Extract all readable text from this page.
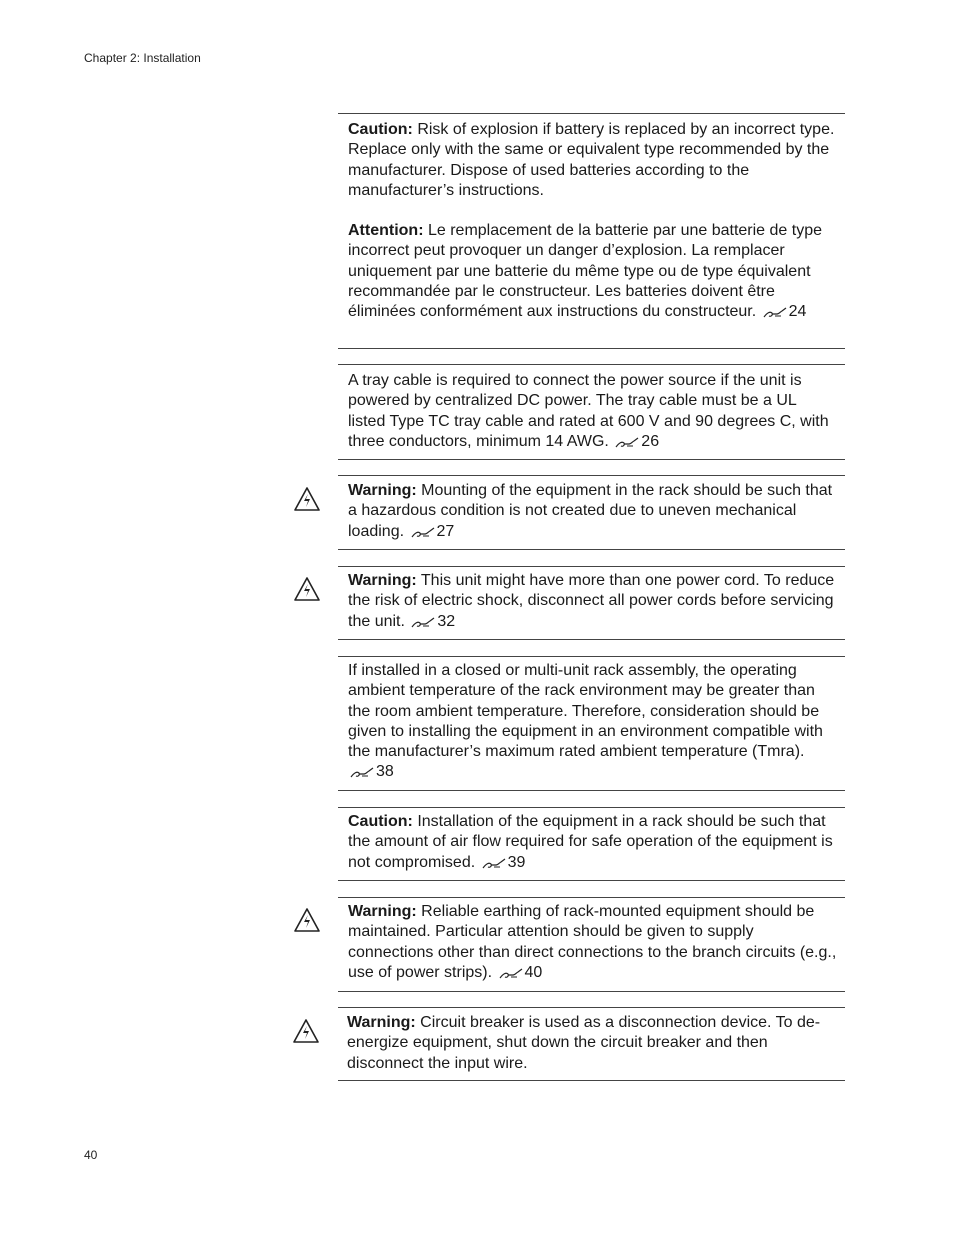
Chapter 2: Installation

Caution: Risk of explosion if battery is replaced by an incorrect type. Replace only with the same or equivalent type recommended by the manufacturer. Dispose of used batteries according to the manufacturer’s instructions.

Attention: Le remplacement de la batterie par une batterie de type incorrect peut provoquer un danger d’explosion. La remplacer uniquement par une batterie du même type ou de type équivalent recommandée par le constructeur. Les batteries doivent être éliminées conformément aux instructions du constructeur. 24

A tray cable is required to connect the power source if the unit is powered by centralized DC power. The tray cable must be a UL listed Type TC tray cable and rated at 600 V and 90 degrees C, with three conductors, minimum 14 AWG. 26

Warning: Mounting of the equipment in the rack should be such that a hazardous condition is not created due to uneven mechanical loading. 27

Warning: This unit might have more than one power cord. To reduce the risk of electric shock, disconnect all power cords before servicing the unit. 32

If installed in a closed or multi-unit rack assembly, the operating ambient temperature of the rack environment may be greater than the room ambient temperature. Therefore, consideration should be given to installing the equipment in an environment compatible with the manufacturer’s maximum rated ambient temperature (Tmra). 38

Caution: Installation of the equipment in a rack should be such that the amount of air flow required for safe operation of the equipment is not compromised. 39

Warning: Reliable earthing of rack-mounted equipment should be maintained. Particular attention should be given to supply connections other than direct connections to the branch circuits (e.g., use of power strips). 40

Warning: Circuit breaker is used as a disconnection device. To de-energize equipment, shut down the circuit breaker and then disconnect the input wire.

40
